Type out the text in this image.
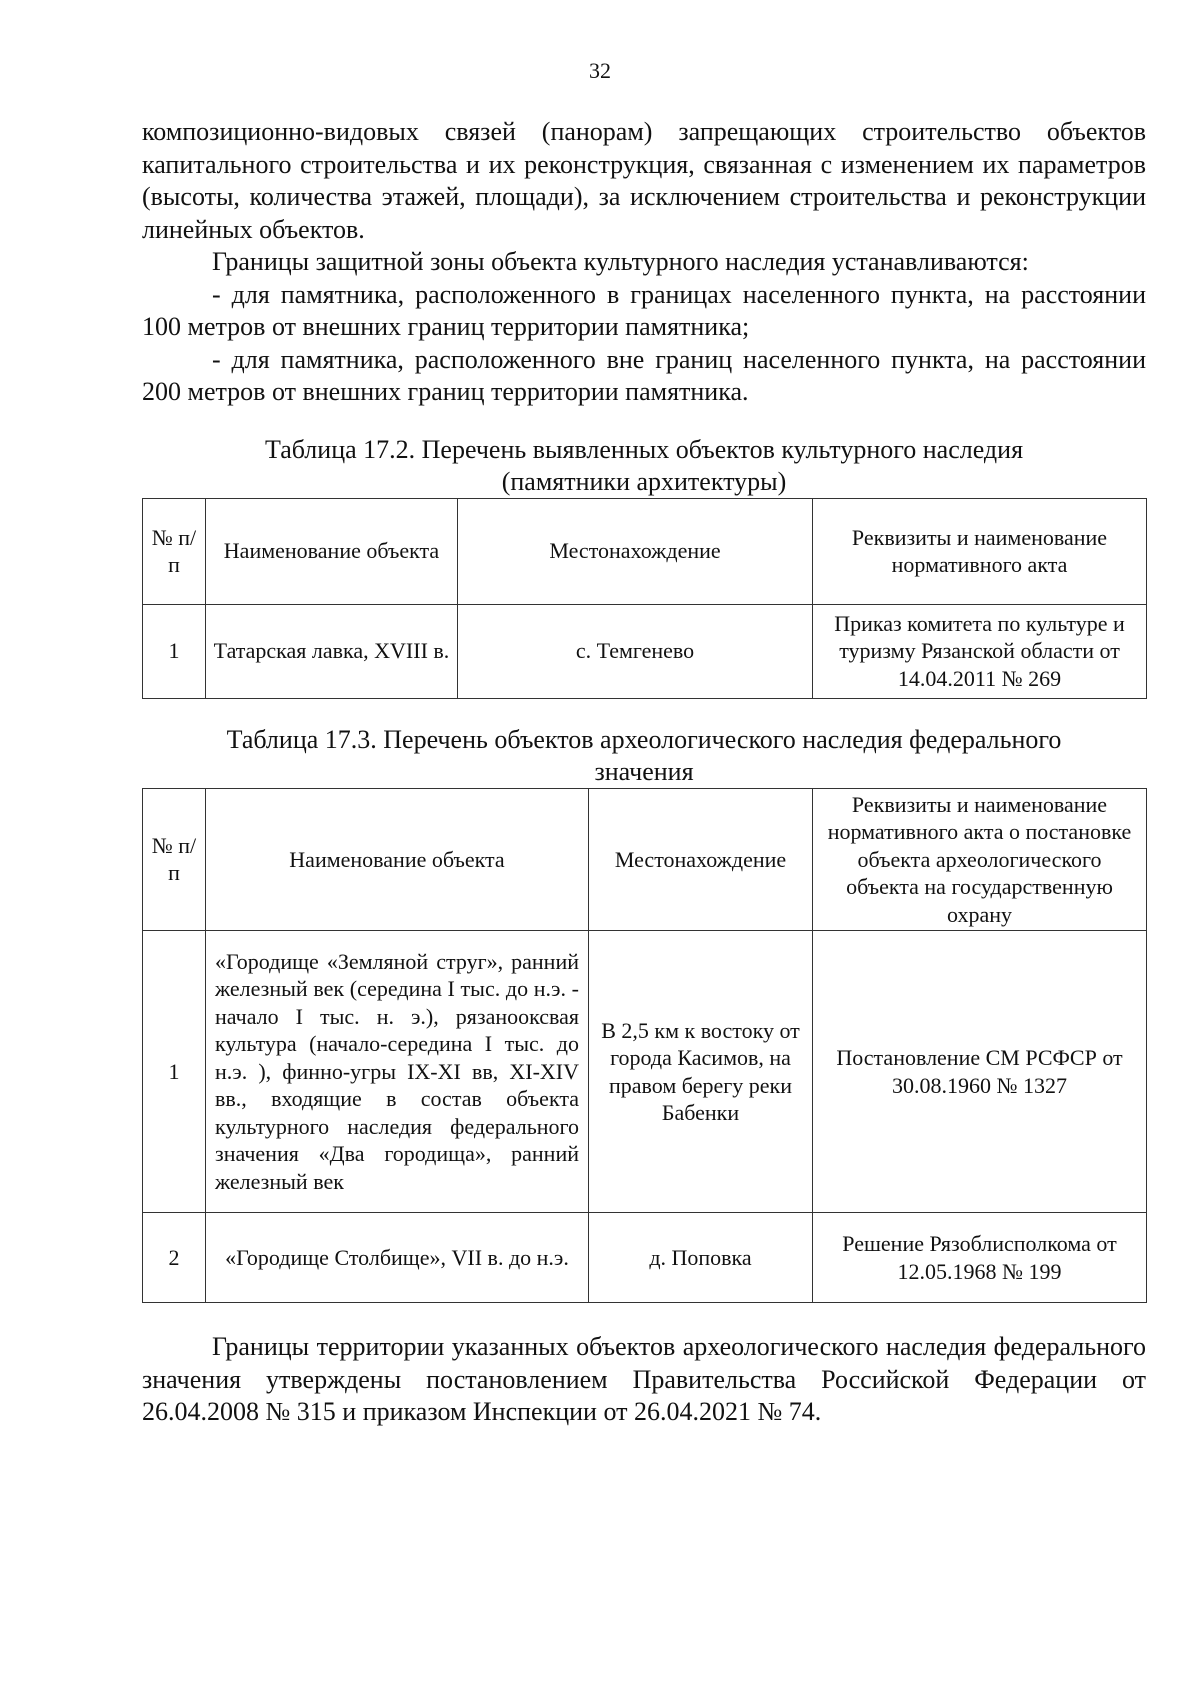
32

композиционно-видовых связей (панорам) запрещающих строительство объектов капитального строительства и их реконструкция, связанная с изменением их параметров (высоты, количества этажей, площади), за исключением строительства и реконструкции линейных объектов.

Границы защитной зоны объекта культурного наследия устанавливаются:

- для памятника, расположенного в границах населенного пункта, на расстоянии 100 метров от внешних границ территории памятника;

- для памятника, расположенного вне границ населенного пункта, на расстоянии 200 метров от внешних границ территории памятника.

Таблица 17.2. Перечень выявленных объектов культурного наследия
(памятники архитектуры)

№ п/п	Наименование объекта	Местонахождение	Реквизиты и наименование нормативного акта
1	Татарская лавка, XVIII в.	с. Темгенево	Приказ комитета по культуре и туризму Рязанской области от 14.04.2011 № 269

Таблица 17.3. Перечень объектов археологического наследия федерального
значения

№ п/п	Наименование объекта	Местонахождение	Реквизиты и наименование нормативного акта о постановке объекта археологического объекта на государственную охрану
1	«Городище «Земляной струг», ранний железный век (середина I тыс. до н.э. - начало I тыс. н. э.), рязанооксвая культура (начало-середина I тыс. до н.э. ), финно-угры IX-XI вв, XI-XIV вв., входящие в состав объекта культурного наследия федерального значения «Два городища», ранний железный век	В 2,5 км к востоку от города Касимов, на правом берегу реки Бабенки	Постановление СМ РСФСР от 30.08.1960 № 1327
2	«Городище Столбище», VII в. до н.э.	д. Поповка	Решение Рязоблисполкома от 12.05.1968 № 199

Границы территории указанных объектов археологического наследия федерального значения утверждены постановлением Правительства Российской Федерации от 26.04.2008 № 315 и приказом Инспекции от 26.04.2021 № 74.
